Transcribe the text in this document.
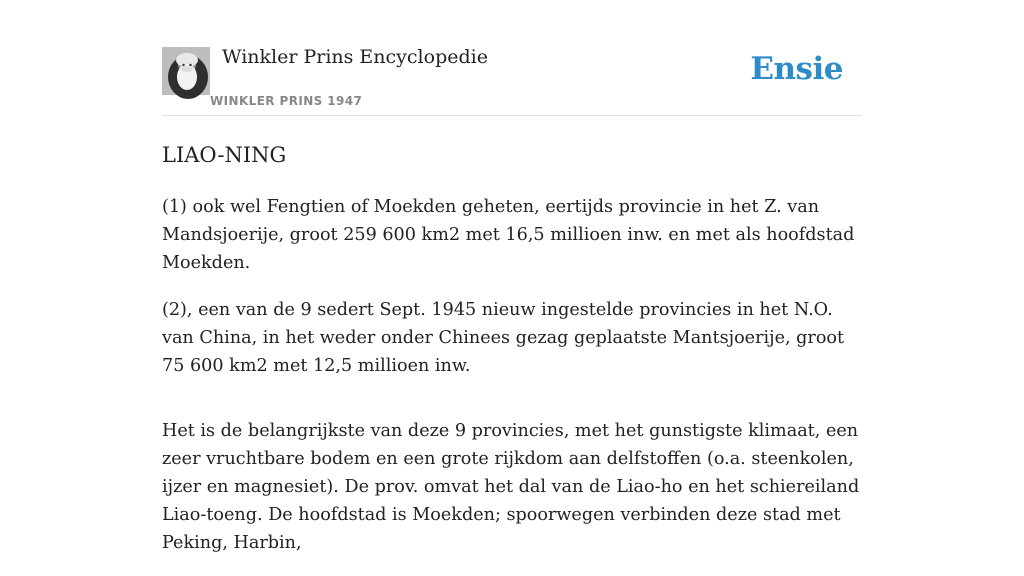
Winkler Prins Encyclopedie
WINKLER PRINS 1947
Ensie
LIAO-NING

(1) ook wel Fengtien of Moekden geheten, eertijds provincie in het Z. van Mandsjoerije, groot 259 600 km2 met 16,5 millioen inw. en met als hoofdstad Moekden.

(2), een van de 9 sedert Sept. 1945 nieuw ingestelde provincies in het N.O. van China, in het weder onder Chinees gezag geplaatste Mantsjoerije, groot 75 600 km2 met 12,5 millioen inw.

Het is de belangrijkste van deze 9 provincies, met het gunstigste klimaat, een zeer vruchtbare bodem en een grote rijkdom aan delfstoffen (o.a. steenkolen, ijzer en magnesiet). De prov. omvat het dal van de Liao-ho en het schiereiland Liao-toeng. De hoofdstad is Moekden; spoorwegen verbinden deze stad met Peking, Harbin,
